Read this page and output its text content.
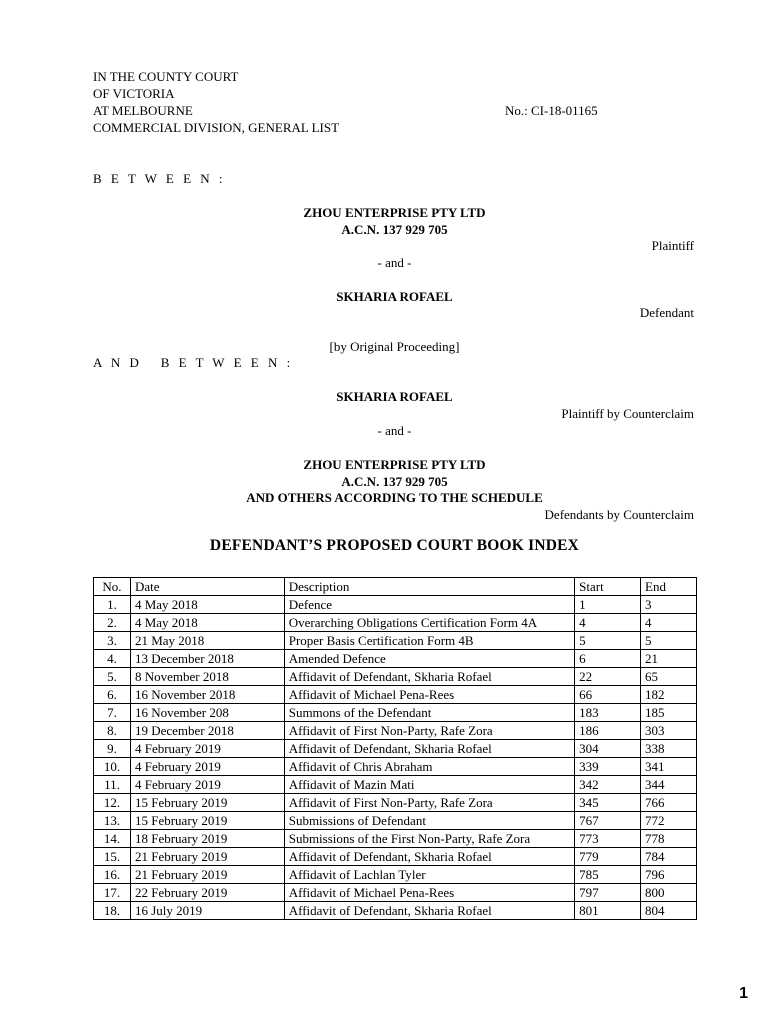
IN THE COUNTY COURT
OF VICTORIA
AT MELBOURNE
COMMERCIAL DIVISION, GENERAL LIST
No.: CI-18-01165
B E T W E E N :
ZHOU ENTERPRISE PTY LTD
A.C.N. 137 929 705
Plaintiff
- and -
SKHARIA ROFAEL
Defendant
[by Original Proceeding]
A N D   B E T W E E N :
SKHARIA ROFAEL
Plaintiff by Counterclaim
- and -
ZHOU ENTERPRISE PTY LTD
A.C.N. 137 929 705
AND OTHERS ACCORDING TO THE SCHEDULE
Defendants by Counterclaim
DEFENDANT’S PROPOSED COURT BOOK INDEX
No.	Date	Description	Start	End
1.	4 May 2018	Defence	1	3
2.	4 May 2018	Overarching Obligations Certification Form 4A	4	4
3.	21 May 2018	Proper Basis Certification Form 4B	5	5
4.	13 December 2018	Amended Defence	6	21
5.	8 November 2018	Affidavit of Defendant, Skharia Rofael	22	65
6.	16 November 2018	Affidavit of Michael Pena-Rees	66	182
7.	16 November 208	Summons of the Defendant	183	185
8.	19 December 2018	Affidavit of First Non-Party, Rafe Zora	186	303
9.	4 February 2019	Affidavit of Defendant, Skharia Rofael	304	338
10.	4 February 2019	Affidavit of Chris Abraham	339	341
11.	4 February 2019	Affidavit of Mazin Mati	342	344
12.	15 February 2019	Affidavit of First Non-Party, Rafe Zora	345	766
13.	15 February 2019	Submissions of Defendant	767	772
14.	18 February 2019	Submissions of the First Non-Party, Rafe Zora	773	778
15.	21 February 2019	Affidavit of Defendant, Skharia Rofael	779	784
16.	21 February 2019	Affidavit of Lachlan Tyler	785	796
17.	22 February 2019	Affidavit of Michael Pena-Rees	797	800
18.	16 July 2019	Affidavit of Defendant, Skharia Rofael	801	804
1
